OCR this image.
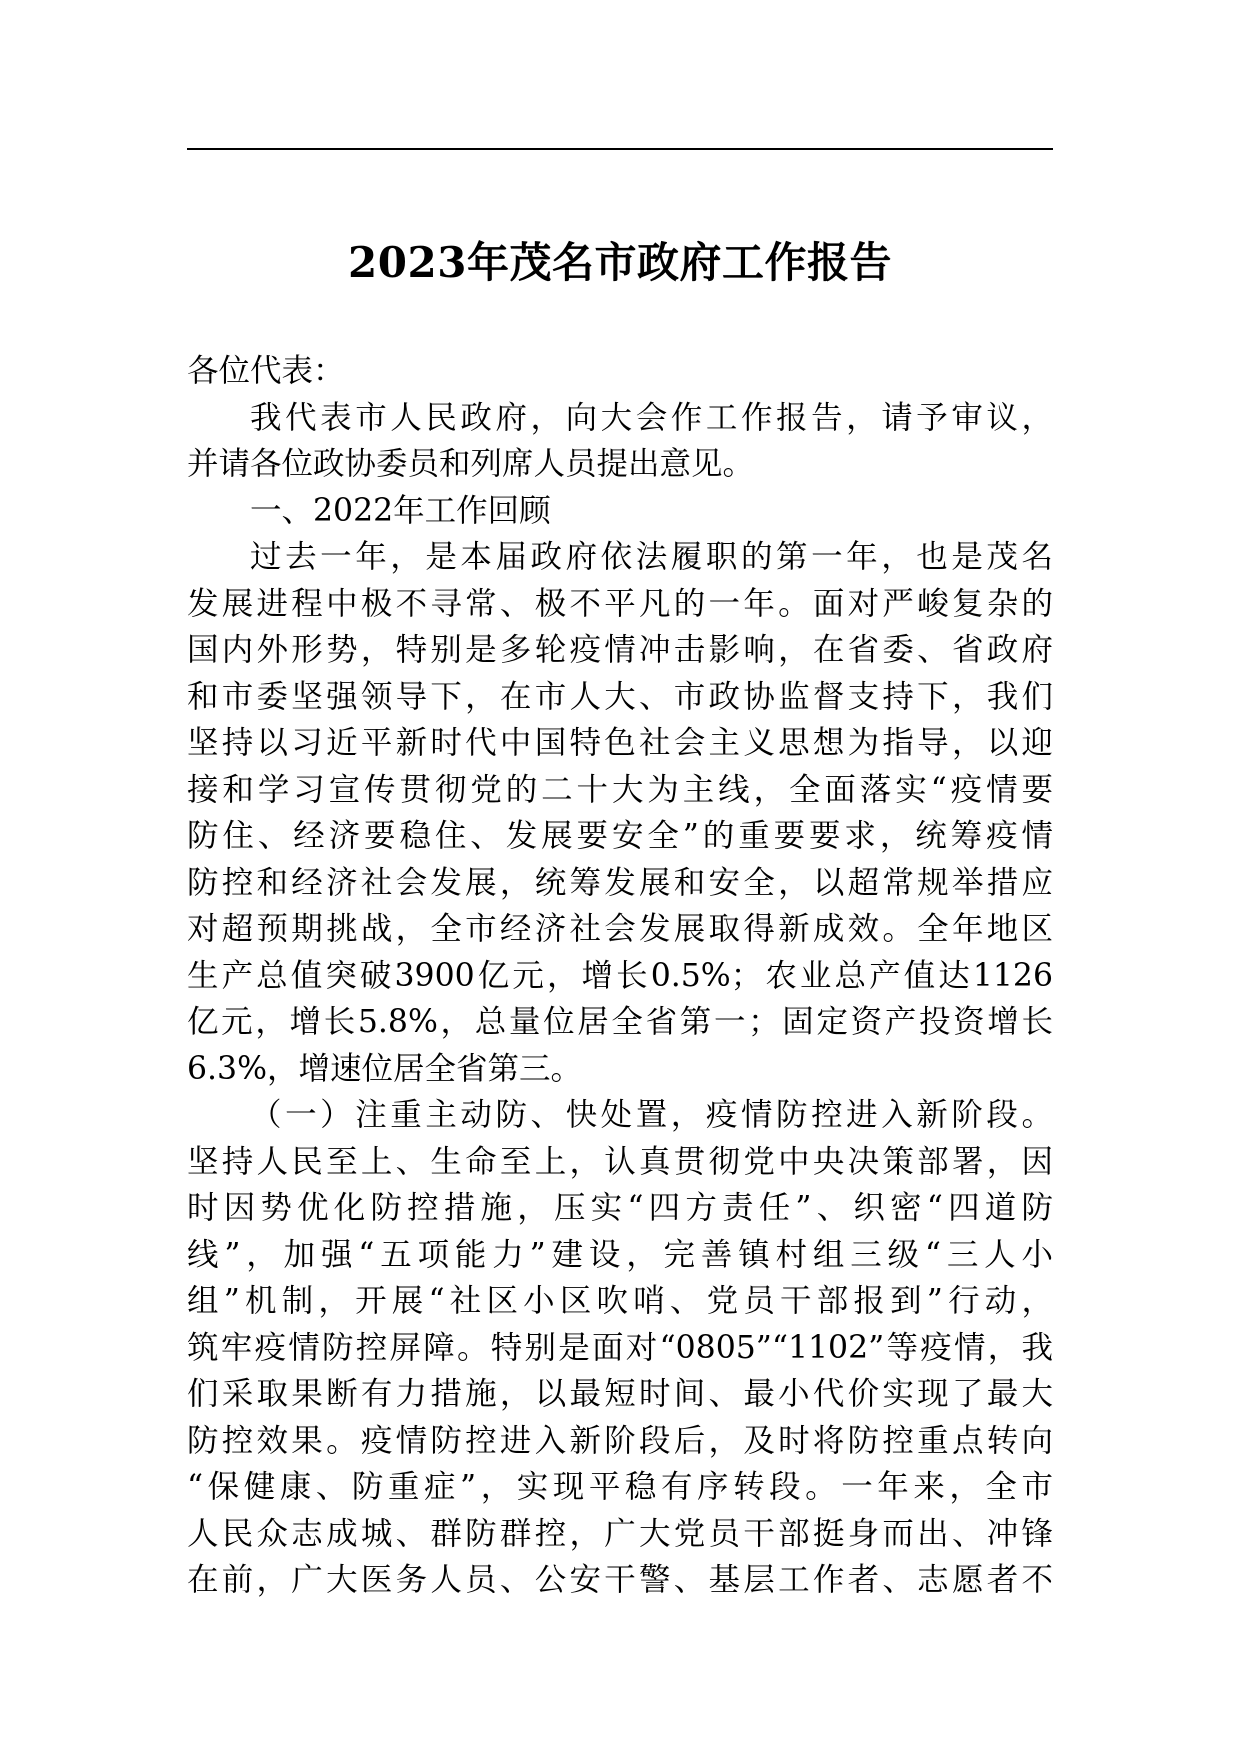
2023年茂名市政府工作报告

各位代表：

我代表市人民政府，向大会作工作报告，请予审议，
并请各位政协委员和列席人员提出意见。

一、2022年工作回顾

过去一年，是本届政府依法履职的第一年，也是茂名
发展进程中极不寻常、极不平凡的一年。面对严峻复杂的
国内外形势，特别是多轮疫情冲击影响，在省委、省政府
和市委坚强领导下，在市人大、市政协监督支持下，我们
坚持以习近平新时代中国特色社会主义思想为指导，以迎
接和学习宣传贯彻党的二十大为主线，全面落实“疫情要
防住、经济要稳住、发展要安全”的重要要求，统筹疫情
防控和经济社会发展，统筹发展和安全，以超常规举措应
对超预期挑战，全市经济社会发展取得新成效。全年地区
生产总值突破3900亿元，增长0.5%；农业总产值达1126
亿元，增长5.8%，总量位居全省第一；固定资产投资增长
6.3%，增速位居全省第三。

（一）注重主动防、快处置，疫情防控进入新阶段。
坚持人民至上、生命至上，认真贯彻党中央决策部署，因
时因势优化防控措施，压实“四方责任”、织密“四道防
线”，加强“五项能力”建设，完善镇村组三级“三人小
组”机制，开展“社区小区吹哨、党员干部报到”行动，
筑牢疫情防控屏障。特别是面对“0805”“1102”等疫情，我
们采取果断有力措施，以最短时间、最小代价实现了最大
防控效果。疫情防控进入新阶段后，及时将防控重点转向
“保健康、防重症”，实现平稳有序转段。一年来，全市
人民众志成城、群防群控，广大党员干部挺身而出、冲锋
在前，广大医务人员、公安干警、基层工作者、志愿者不
